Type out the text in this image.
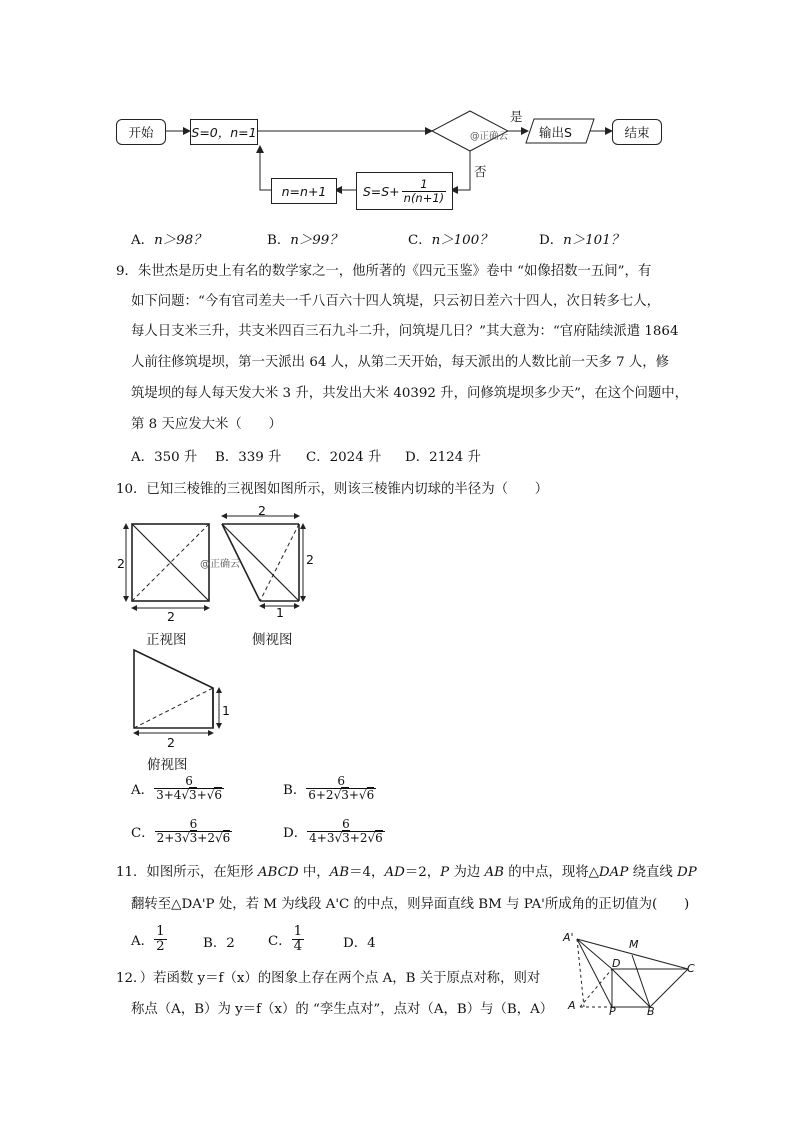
开始	S=0，n=1	@正确云
是
否
输出S	结束
$S=S+ \frac{1}{n(n+1)}$
n=n+1
A．n＞98？	B．n＞99？	C．n＞100？	D．n＞101？
9．朱世杰是历史上有名的数学家之一，他所著的《四元玉鉴》卷中 “如像招数一五间”，有
如下问题：“今有官司差夫一千八百六十四人筑堤，只云初日差六十四人，次日转多七人，
每人日支米三升，共支米四百三石九斗二升，问筑堤几日？”其大意为：“官府陆续派遣 1864
人前往修筑堤坝，第一天派出 64 人，从第二天开始，每天派出的人数比前一天多 7 人，修
筑堤坝的每人每天发大米 3 升，共发出大米 40392 升，问修筑堤坝多少天”，在这个问题中，
第 8 天应发大米（　　）
A．350 升 B．339 升 C．2024 升 D．2124 升
10．已知三棱锥的三视图如图所示，则该三棱锥内切球的半径为（　　）
2
2
正视图
2
2
1
@正确云
侧视图
2
1
俯视图
A． $\frac{6}{3+4√3+√6}$	B． $\frac{6}{6+2√3+√6}$
C． $\frac{6}{2+3√3+2√6}$	D． $\frac{6}{4+3√3+2√6}$
11．如图所示，在矩形 ABCD 中，AB＝4，AD＝2，P 为边 AB 的中点，现将△DAP 绕直线 DP
翻转至△DA'P 处，若 M 为线段 A'C 的中点，则异面直线 BM 与 PA'所成角的正切值为(　　)
A． $\frac{1}{2}$	B．2 C． $\frac{1}{4}$	D．4	A'
M
D	C
A	P	B
12．）若函数 y＝f（x）的图象上存在两个点 A，B 关于原点对称，则对
称点（A，B）为 y＝f（x）的 “孪生点对”，点对（A，B）与（B，A）
